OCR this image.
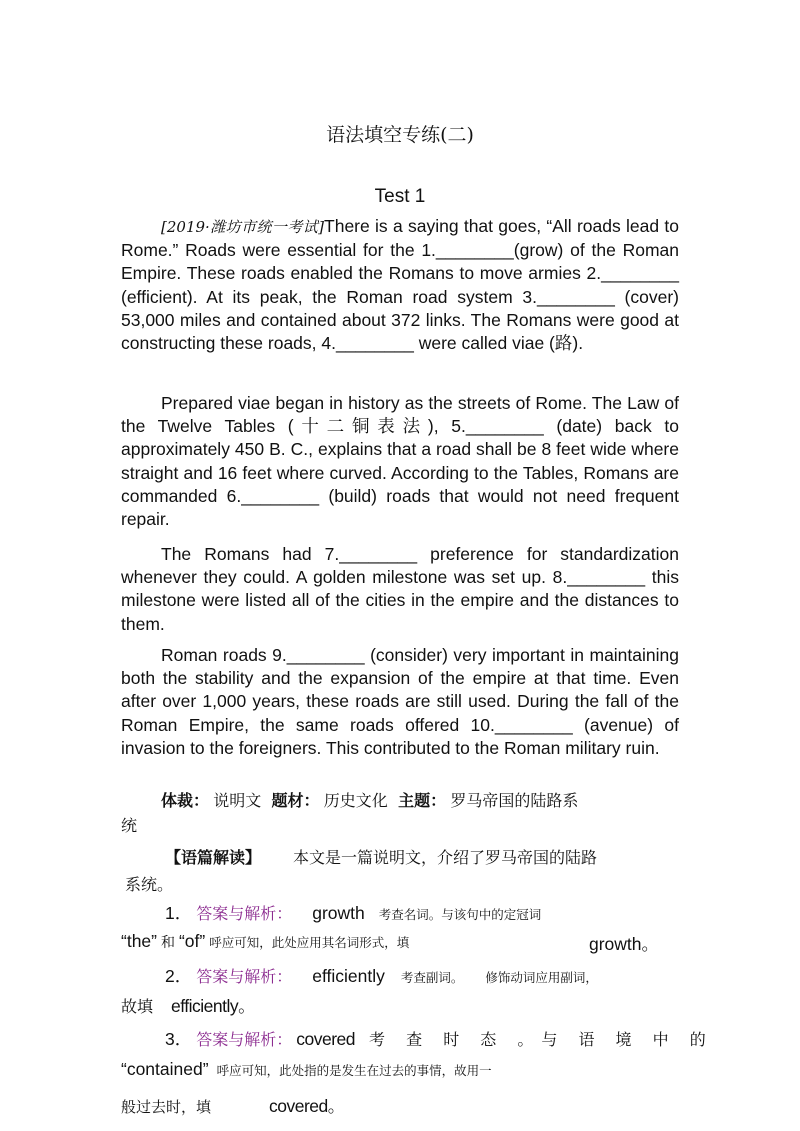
语法填空专练(二)
Test 1

[2019·潍坊市统一考试]There is a saying that goes, “All roads lead to Rome.” Roads were essential for the 1.________(grow) of the Roman Empire. These roads enabled the Romans to move armies 2.________ (efficient). At its peak, the Roman road system 3.________ (cover) 53,000 miles and contained about 372 links. The Romans were good at constructing these roads, 4.________ were called viae (路).

Prepared viae began in history as the streets of Rome. The Law of the Twelve Tables (十二铜表法), 5.________ (date) back to approximately 450 B. C., explains that a road shall be 8 feet wide where straight and 16 feet where curved. According to the Tables, Romans are commanded 6.________ (build) roads that would not need frequent repair.

The Romans had 7.________ preference for standardization whenever they could. A golden milestone was set up. 8.________ this milestone were listed all of the cities in the empire and the distances to them.

Roman roads 9.________ (consider) very important in maintaining both the stability and the expansion of the empire at that time. Even after over 1,000 years, these roads are still used. During the fall of the Roman Empire, the same roads offered 10.________ (avenue) of invasion to the foreigners. This contributed to the Roman military ruin.

体裁： 说明文 题材： 历史文化 主题： 罗马帝国的陆路系
统
【语篇解读】 本文是一篇说明文，介绍了罗马帝国的陆路
系统。
1． 答案与解析： growth 考查名词。与该句中的定冠词
“the” 和 “of” 呼应可知，此处应用其名词形式，填	growth。
2． 答案与解析： efficiently 考查副词。 修饰动词应用副词，
故填 efficiently。
3． 答案与解析： covered 考 查 时 态 。与 语 境 中 的
“contained” 呼应可知，此处指的是发生在过去的事情，故用一
般过去时，填	covered。
